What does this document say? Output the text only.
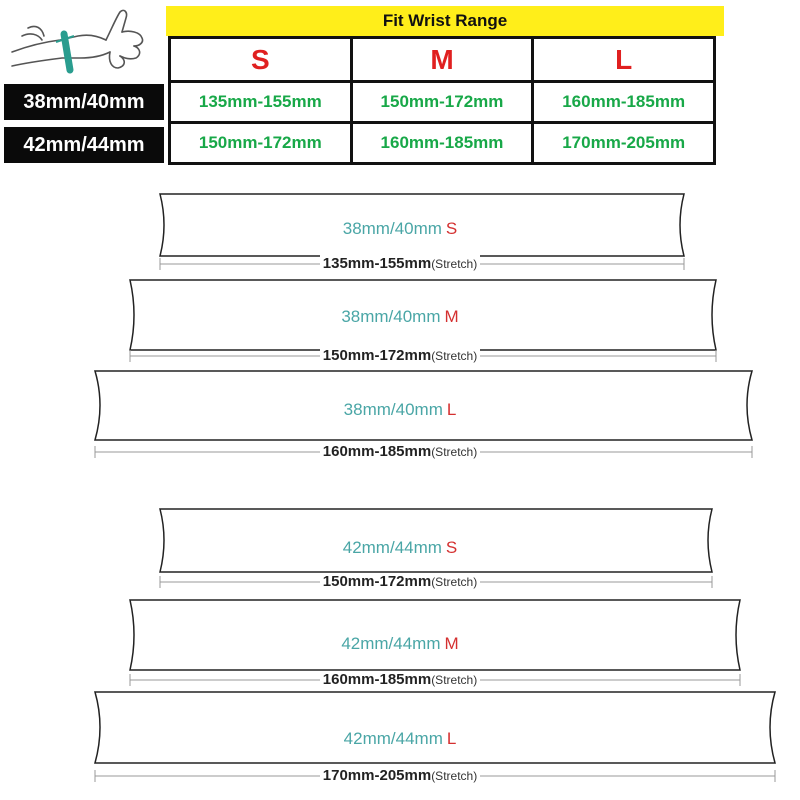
Fit Wrist Range
S	M	L
135mm-155mm	150mm-172mm	160mm-185mm
150mm-172mm	160mm-185mm	170mm-205mm
38mm/40mm
42mm/44mm
38mm/40mm S
135mm-155mm(Stretch)
38mm/40mm M
150mm-172mm(Stretch)
38mm/40mm L
160mm-185mm(Stretch)
42mm/44mm S
150mm-172mm(Stretch)
42mm/44mm M
160mm-185mm(Stretch)
42mm/44mm L
170mm-205mm(Stretch)
